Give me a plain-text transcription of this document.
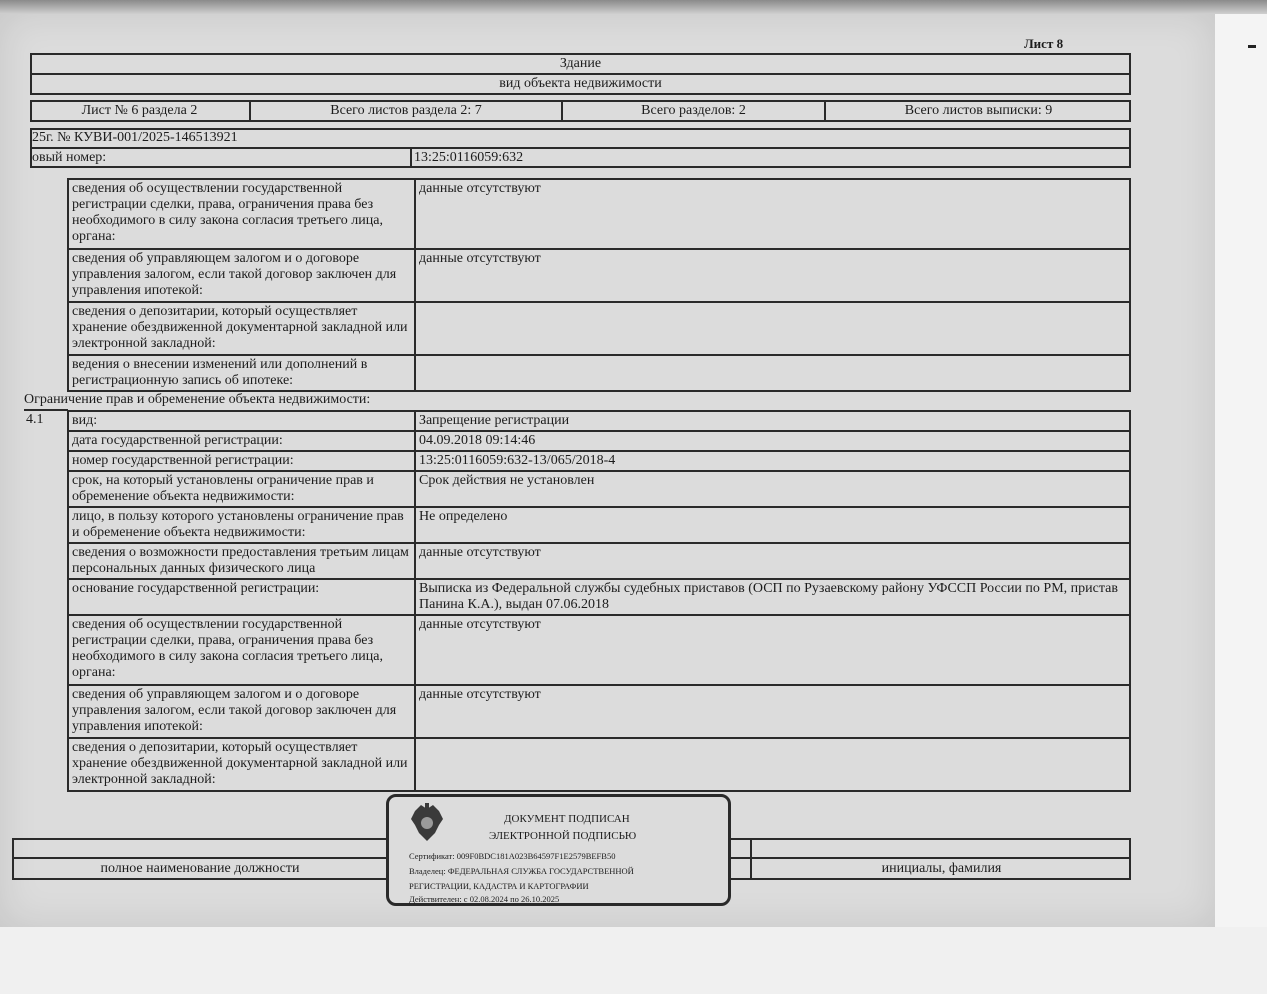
Лист 8
Здание
вид объекта недвижимости
Лист № 6 раздела 2	Всего листов раздела 2: 7	Всего разделов: 2	Всего листов выписки: 9
25г. № КУВИ-001/2025-146513921
овый номер:	13:25:0116059:632
сведения об осуществлении государственной регистрации сделки, права, ограничения права без необходимого в силу закона согласия третьего лица, органа:	данные отсутствуют
сведения об управляющем залогом и о договоре управления залогом, если такой договор заключен для управления ипотекой:	данные отсутствуют
сведения о депозитарии, который осуществляет хранение обездвиженной документарной закладной или электронной закладной:	
ведения о внесении изменений или дополнений в регистрационную запись об ипотеке:	

вид:	Запрещение регистрации
дата государственной регистрации:	04.09.2018 09:14:46
номер государственной регистрации:	13:25:0116059:632-13/065/2018-4
срок, на который установлены ограничение прав и обременение объекта недвижимости:	Срок действия не установлен
лицо, в пользу которого установлены ограничение прав и обременение объекта недвижимости:	Не определено
сведения о возможности предоставления третьим лицам персональных данных физического лица	данные отсутствуют
основание государственной регистрации:	Выписка из Федеральной службы судебных приставов (ОСП по Рузаевскому району УФССП России по РМ, пристав Панина К.А.), выдан 07.06.2018
сведения об осуществлении государственной регистрации сделки, права, ограничения права без необходимого в силу закона согласия третьего лица, органа:	данные отсутствуют
сведения об управляющем залогом и о договоре управления залогом, если такой договор заключен для управления ипотекой:	данные отсутствуют
сведения о депозитарии, который осуществляет хранение обездвиженной документарной закладной или электронной закладной:	
Ограничение прав и обременение объекта недвижимости:
4.1
полное наименование должности	инициалы, фамилия
ДОКУМЕНТ ПОДПИСАН
ЭЛЕКТРОННОЙ ПОДПИСЬЮ
Сертификат: 009F0BDC181A023B64597F1E2579BEFB50
Владелец: ФЕДЕРАЛЬНАЯ СЛУЖБА ГОСУДАРСТВЕННОЙ
РЕГИСТРАЦИИ, КАДАСТРА И КАРТОГРАФИИ
Действителен: с 02.08.2024 по 26.10.2025
